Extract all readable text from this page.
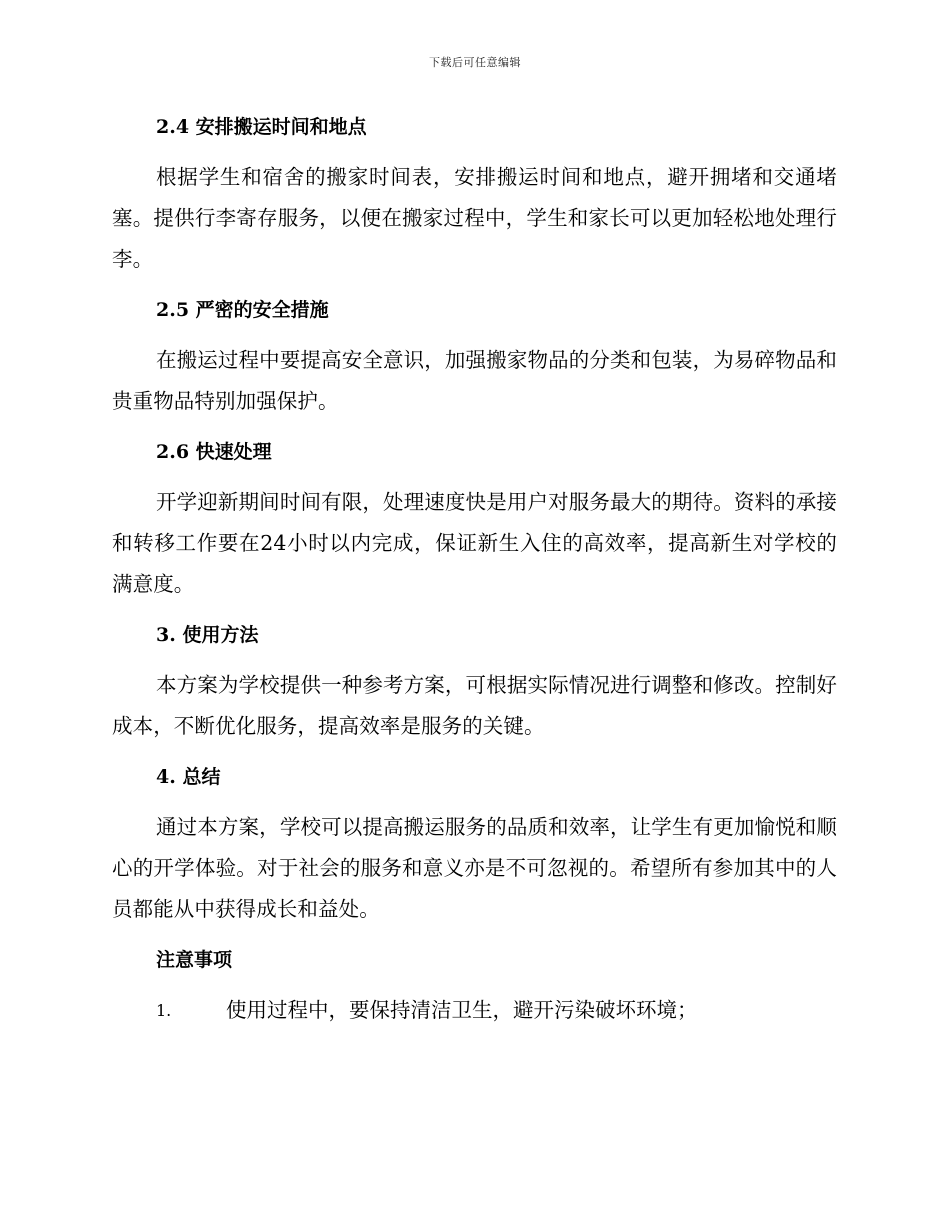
下载后可任意编辑
2.4 安排搬运时间和地点

根据学生和宿舍的搬家时间表，安排搬运时间和地点，避开拥堵和交通堵塞。提供行李寄存服务，以便在搬家过程中，学生和家长可以更加轻松地处理行李。

2.5 严密的安全措施

在搬运过程中要提高安全意识，加强搬家物品的分类和包装，为易碎物品和贵重物品特别加强保护。

2.6 快速处理

开学迎新期间时间有限，处理速度快是用户对服务最大的期待。资料的承接和转移工作要在24小时以内完成，保证新生入住的高效率，提高新生对学校的满意度。

3. 使用方法

本方案为学校提供一种参考方案，可根据实际情况进行调整和修改。控制好成本，不断优化服务，提高效率是服务的关键。

4. 总结

通过本方案，学校可以提高搬运服务的品质和效率，让学生有更加愉悦和顺心的开学体验。对于社会的服务和意义亦是不可忽视的。希望所有参加其中的人员都能从中获得成长和益处。

注意事项
1.	使用过程中，要保持清洁卫生，避开污染破坏环境；
